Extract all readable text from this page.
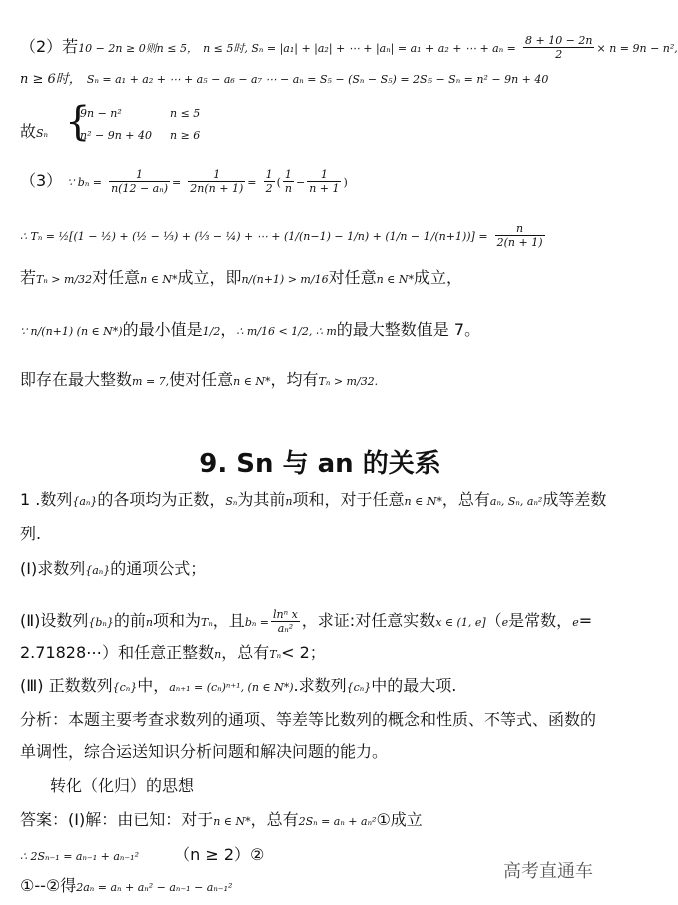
（2）若10 − 2n ≥ 0则n ≤ 5， n ≤ 5时, Sₙ = |a₁| + |a₂| + ⋯ + |aₙ| = a₁ + a₂ + ⋯ + $a_n = \frac{8 + 10 - 2n}{2} \times n = 9n - n^2$,
n ≥ 6时， Sₙ = a₁ + a₂ + ⋯ + a₅ − a₆ − a₇ ⋯ − aₙ = S₅ − (Sₙ − S₅) = 2S₅ − Sₙ = n² − 9n + 40
故Sₙ {
9n − n²	n ≤ 5
n² − 9n + 40 n ≥ 6
（3） ∵ $b_n = \frac{1}{\text{n(12 − aₙ)}} = \frac{1}{2n(n + 1)} = \frac{1}{2}$ ( $\frac{1}{n} - \frac{1}{n + 1}$ )
∴ Tₙ = ½[(1 − ½) + (½ − ⅓) + (⅓ − ¼) + ⋯ + $(1/(n-1) - 1/n) + (1/n - 1/(n+1))] = \frac{n}{2(n + 1)}$
若Tₙ > m/32对任意n ∈ N*成立，即n/(n+1) > m/16对任意n ∈ N*成立，
∵ n/(n+1) (n ∈ N*)的最小值是1/2，∴ m/16 < 1/2, ∴ m的最大整数值是 7。
即存在最大整数m = 7,使对任意n ∈ N*，均有Tₙ > m/32.
9. Sn 与 an 的关系
1 .数列{aₙ}的各项均为正数，Sₙ为其前n项和，对于任意n ∈ N*，总有aₙ, Sₙ, aₙ²成等差数
列.
(Ⅰ)求数列{aₙ}的通项公式；
(Ⅱ)设数列{bₙ}的前n项和为Tₙ，且$b_n = \frac{\text{lnⁿ x}}{\text{aₙ²}}$ ，求证:对任意实数x ∈ (1, e]（e是常数，e=
2.71828⋯）和任意正整数n，总有Tₙ< 2；
(Ⅲ) 正数数列{cₙ}中，aₙ₊₁ = (cₙ)ⁿ⁺¹, (n ∈ N*).求数列{cₙ}中的最大项.
分析：本题主要考查求数列的通项、等差等比数列的概念和性质、不等式、函数的
单调性，综合运送知识分析问题和解决问题的能力。
转化（化归）的思想
答案：(Ⅰ)解：由已知：对于n ∈ N*，总有2Sₙ = aₙ + aₙ²①成立
∴ 2Sₙ₋₁ = aₙ₋₁ + aₙ₋₁² （n ≥ 2）②
①--②得2aₙ = aₙ + aₙ² − aₙ₋₁ − aₙ₋₁²
高考直通车
